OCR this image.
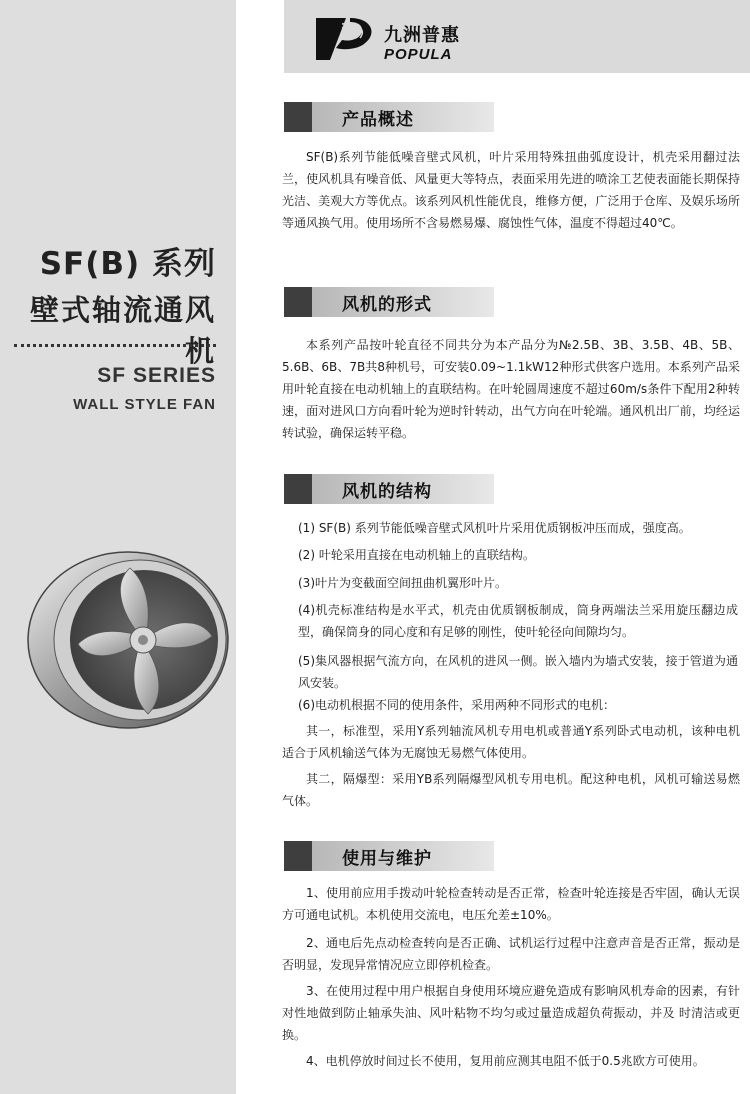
SF(B) 系列
壁式轴流通风机
SF SERIES
WALL STYLE FAN
九洲普惠
POPULA
产品概述

SF(B)系列节能低噪音壁式风机，叶片采用特殊扭曲弧度设计，机壳采用翻过法兰，使风机具有噪音低、风量更大等特点，表面采用先进的喷涂工艺使表面能长期保持光洁、美观大方等优点。该系列风机性能优良，维修方便，广泛用于仓库、及娱乐场所等通风换气用。使用场所不含易燃易爆、腐蚀性气体，温度不得超过40℃。

风机的形式

本系列产品按叶轮直径不同共分为本产品分为№2.5B、3B、3.5B、4B、5B、5.6B、6B、7B共8种机号，可安装0.09~1.1kW12种形式供客户选用。本系列产品采用叶轮直接在电动机轴上的直联结构。在叶轮圆周速度不超过60m/s条件下配用2种转速，面对进风口方向看叶轮为逆时针转动，出气方向在叶轮端。通风机出厂前，均经运转试验，确保运转平稳。

风机的结构

(1) SF(B) 系列节能低噪音壁式风机叶片采用优质钢板冲压而成，强度高。

(2) 叶轮采用直接在电动机轴上的直联结构。

(3)叶片为变截面空间扭曲机翼形叶片。

(4)机壳标准结构是水平式，机壳由优质钢板制成，筒身两端法兰采用旋压翻边成型，确保筒身的同心度和有足够的刚性，使叶轮径向间隙均匀。

(5)集风器根据气流方向，在风机的进风一侧。嵌入墙内为墙式安装，接于管道为通风安装。

(6)电动机根据不同的使用条件，采用两种不同形式的电机：

其一，标准型，采用Y系列轴流风机专用电机或普通Y系列卧式电动机，该种电机适合于风机输送气体为无腐蚀无易燃气体使用。

其二，隔爆型：采用YB系列隔爆型风机专用电机。配这种电机，风机可输送易燃气体。

使用与维护

1、使用前应用手拨动叶轮检查转动是否正常，检查叶轮连接是否牢固，确认无误方可通电试机。本机使用交流电，电压允差±10%。

2、通电后先点动检查转向是否正确、试机运行过程中注意声音是否正常，振动是否明显，发现异常情况应立即停机检查。

3、在使用过程中用户根据自身使用环境应避免造成有影响风机寿命的因素，有针对性地做到防止轴承失油、风叶粘物不均匀或过量造成超负荷振动，并及 时清洁或更换。

4、电机停放时间过长不使用，复用前应测其电阻不低于0.5兆欧方可使用。
